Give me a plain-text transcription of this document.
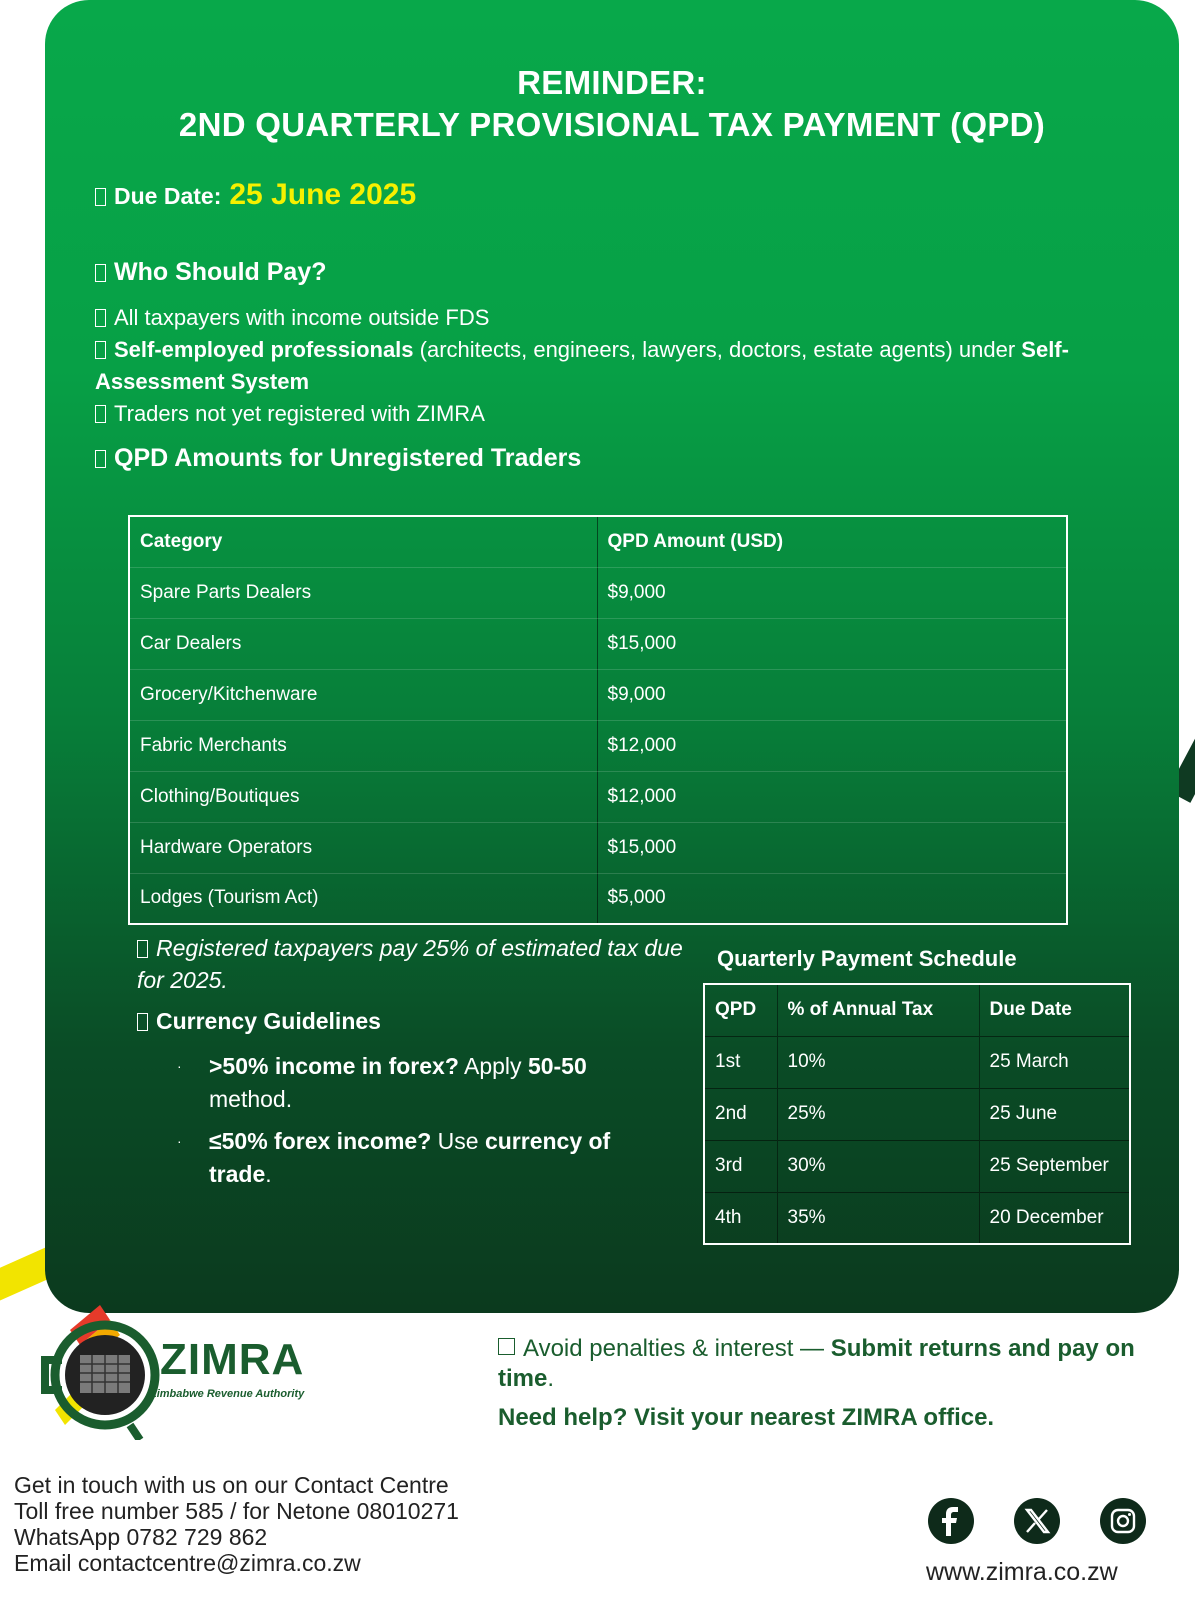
REMINDER:
2ND QUARTERLY PROVISIONAL TAX PAYMENT (QPD)
Due Date: 25 June 2025
Who Should Pay?
All taxpayers with income outside FDS
Self-employed professionals (architects, engineers, lawyers, doctors, estate agents) under Self-Assessment System
Traders not yet registered with ZIMRA
QPD Amounts for Unregistered Traders
Category	QPD Amount (USD)
Spare Parts Dealers	$9,000
Car Dealers	$15,000
Grocery/Kitchenware	$9,000
Fabric Merchants	$12,000
Clothing/Boutiques	$12,000
Hardware Operators	$15,000
Lodges (Tourism Act)	$5,000
Registered taxpayers pay 25% of estimated tax due for 2025.
Currency Guidelines
· >50% income in forex? Apply 50-50 method.
· ≤50% forex income? Use currency of trade.
Quarterly Payment Schedule
QPD	% of Annual Tax	Due Date
1st	10%	25 March
2nd	25%	25 June
3rd	30%	25 September
4th	35%	20 December
ZIMRA
Zimbabwe Revenue Authority
Avoid penalties & interest — Submit returns and pay on time.
Need help? Visit your nearest ZIMRA office.
Get in touch with us on our Contact Centre
Toll free number 585 / for Netone 08010271
WhatsApp 0782 729 862
Email contactcentre@zimra.co.zw	www.zimra.co.zw
